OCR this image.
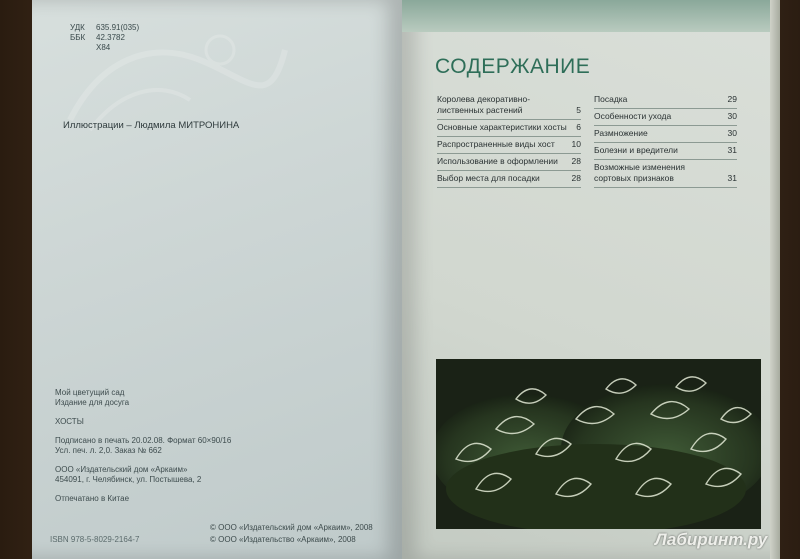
УДК 635.91(035)
ББК 42.3782
Х84
Иллюстрации – Людмила МИТРОНИНА
Мой цветущий сад
Издание для досуга
ХОСТЫ
Подписано в печать 20.02.08. Формат 60×90/16
Усл. печ. л. 2,0. Заказ № 662
ООО «Издательский дом «Аркаим»
454091, г. Челябинск, ул. Постышева, 2
Отпечатано в Китае
ISBN 978-5-8029-2164-7
© ООО «Издательский дом «Аркаим», 2008
© ООО «Издательство «Аркаим», 2008
СОДЕРЖАНИЕ
Королева декоративно-лиственных растений	5
Основные характеристики хосты	6
Распространенные виды хост	10
Использование в оформлении	28
Выбор места для посадки	28
Посадка	29
Особенности ухода	30
Размножение	30
Болезни и вредители	31
Возможные изменения сортовых признаков	31
Лабиринт.ру
